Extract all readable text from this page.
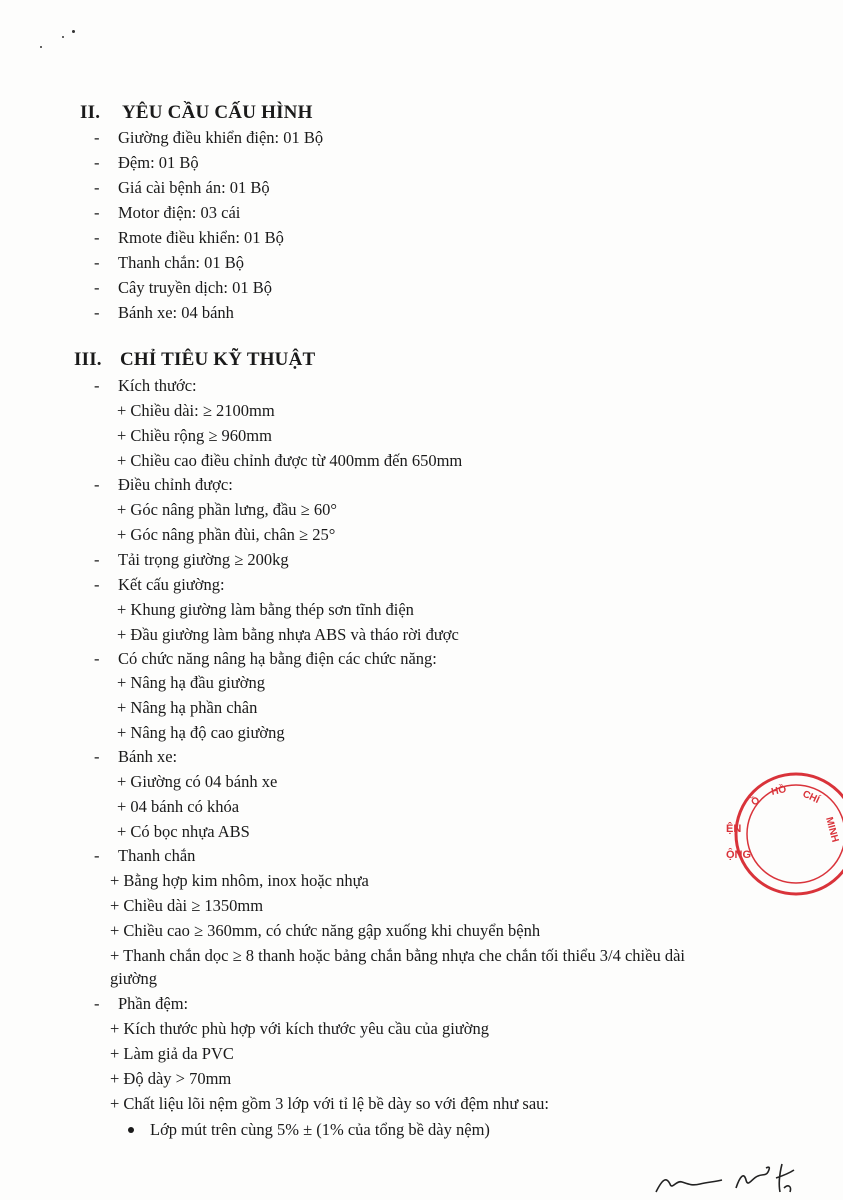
II. YÊU CẦU CẤU HÌNH
- Giường điều khiển điện: 01 Bộ
- Đệm: 01 Bộ
- Giá cài bệnh án: 01 Bộ
- Motor điện: 03 cái
- Rmote điều khiển: 01 Bộ
- Thanh chắn: 01 Bộ
- Cây truyền dịch: 01 Bộ
- Bánh xe: 04 bánh
III. CHỈ TIÊU KỸ THUẬT
- Kích thước:
+ Chiều dài: ≥ 2100mm
+ Chiều rộng ≥ 960mm
+ Chiều cao điều chỉnh được từ 400mm đến 650mm
- Điều chỉnh được:
+ Góc nâng phần lưng, đầu ≥ 60°
+ Góc nâng phần đùi, chân ≥ 25°
- Tải trọng giường ≥ 200kg
- Kết cấu giường:
+ Khung giường làm bằng thép sơn tĩnh điện
+ Đầu giường làm bằng nhựa ABS và tháo rời được
- Có chức năng nâng hạ bằng điện các chức năng:
+ Nâng hạ đầu giường
+ Nâng hạ phần chân
+ Nâng hạ độ cao giường
- Bánh xe:
+ Giường có 04 bánh xe
+ 04 bánh có khóa
+ Có bọc nhựa ABS
- Thanh chắn
+ Bằng hợp kim nhôm, inox hoặc nhựa
+ Chiều dài ≥ 1350mm
+ Chiều cao ≥ 360mm, có chức năng gập xuống khi chuyển bệnh
+ Thanh chắn dọc ≥ 8 thanh hoặc bảng chắn bằng nhựa che chắn tối thiểu 3/4 chiều dài
giường
- Phần đệm:
+ Kích thước phù hợp với kích thước yêu cầu của giường
+ Làm giả da PVC
+ Độ dày > 70mm
+ Chất liệu lõi nệm gồm 3 lớp với tỉ lệ bề dày so với đệm như sau:
Lớp mút trên cùng 5% ± (1% của tổng bề dày nệm)
Ồ
HỒ CHÍ
MINH
ỆN
ỘNG
